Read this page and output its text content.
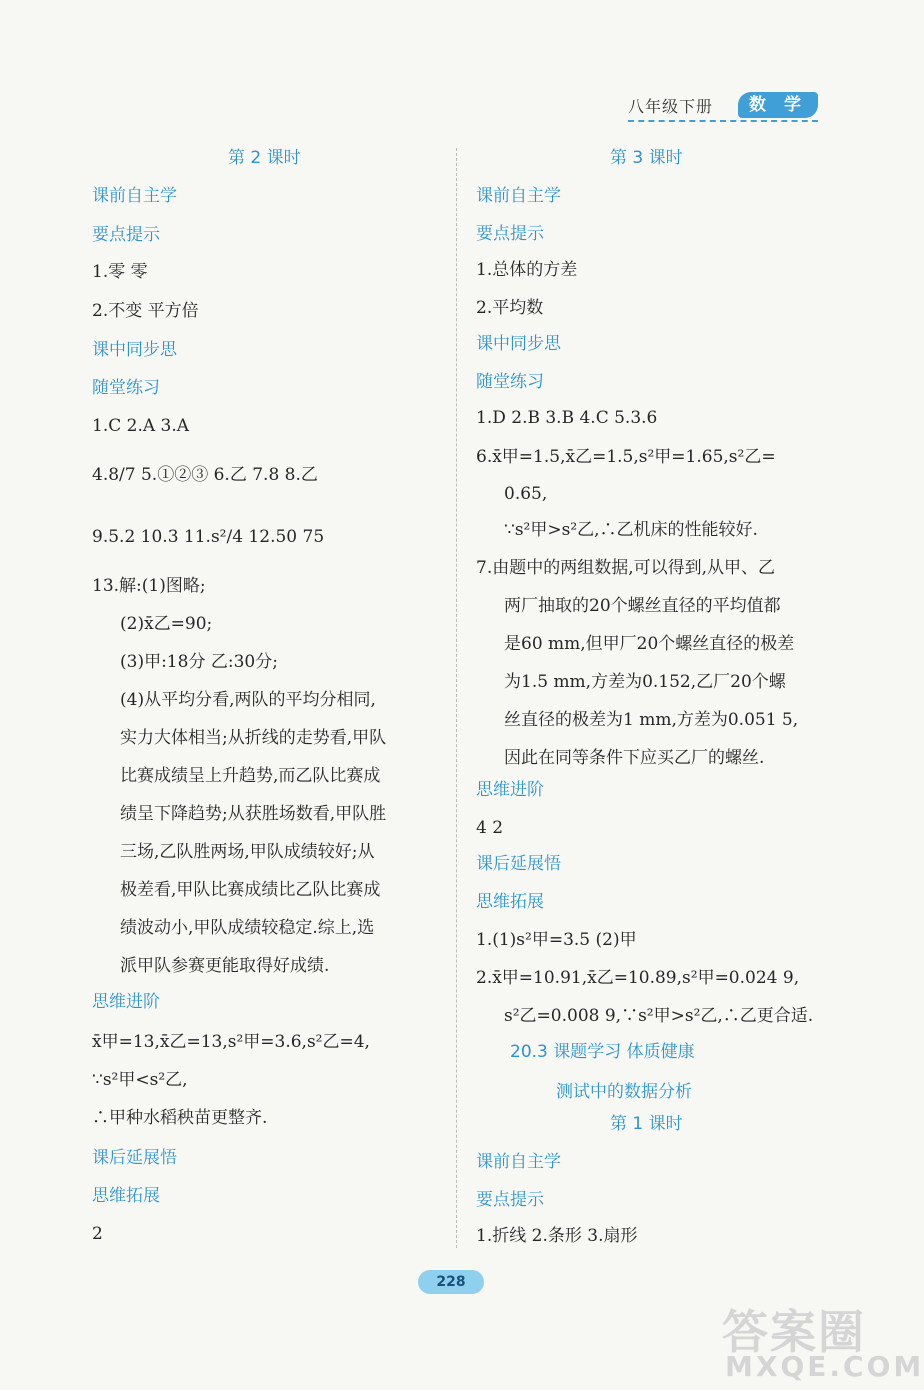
八年级下册	数 学
第 2 课时
课前自主学
要点提示
1.零 零
2.不变 平方倍
课中同步思
随堂练习
1.C 2.A 3.A
4.8/7 5.①②③ 6.乙 7.8 8.乙
9.5.2 10.3 11.s²/4 12.50 75
13.解:(1)图略;
(2)x̄乙=90;
(3)甲:18分 乙:30分;
(4)从平均分看,两队的平均分相同,
实力大体相当;从折线的走势看,甲队
比赛成绩呈上升趋势,而乙队比赛成
绩呈下降趋势;从获胜场数看,甲队胜
三场,乙队胜两场,甲队成绩较好;从
极差看,甲队比赛成绩比乙队比赛成
绩波动小,甲队成绩较稳定.综上,选
派甲队参赛更能取得好成绩.
思维进阶
x̄甲=13,x̄乙=13,s²甲=3.6,s²乙=4,
∵s²甲<s²乙,
∴甲种水稻秧苗更整齐.
课后延展悟
思维拓展
2
第 3 课时
课前自主学
要点提示
1.总体的方差
2.平均数
课中同步思
随堂练习
1.D 2.B 3.B 4.C 5.3.6
6.x̄甲=1.5,x̄乙=1.5,s²甲=1.65,s²乙=
0.65,
∵s²甲>s²乙,∴乙机床的性能较好.
7.由题中的两组数据,可以得到,从甲、乙
两厂抽取的20个螺丝直径的平均值都
是60 mm,但甲厂20个螺丝直径的极差
为1.5 mm,方差为0.152,乙厂20个螺
丝直径的极差为1 mm,方差为0.051 5,
因此在同等条件下应买乙厂的螺丝.
思维进阶
4 2
课后延展悟
思维拓展
1.(1)s²甲=3.5 (2)甲
2.x̄甲=10.91,x̄乙=10.89,s²甲=0.024 9,
s²乙=0.008 9,∵s²甲>s²乙,∴乙更合适.
20.3 课题学习 体质健康
测试中的数据分析
第 1 课时
课前自主学
要点提示
1.折线 2.条形 3.扇形
228
答案圈
MXQE.COM
